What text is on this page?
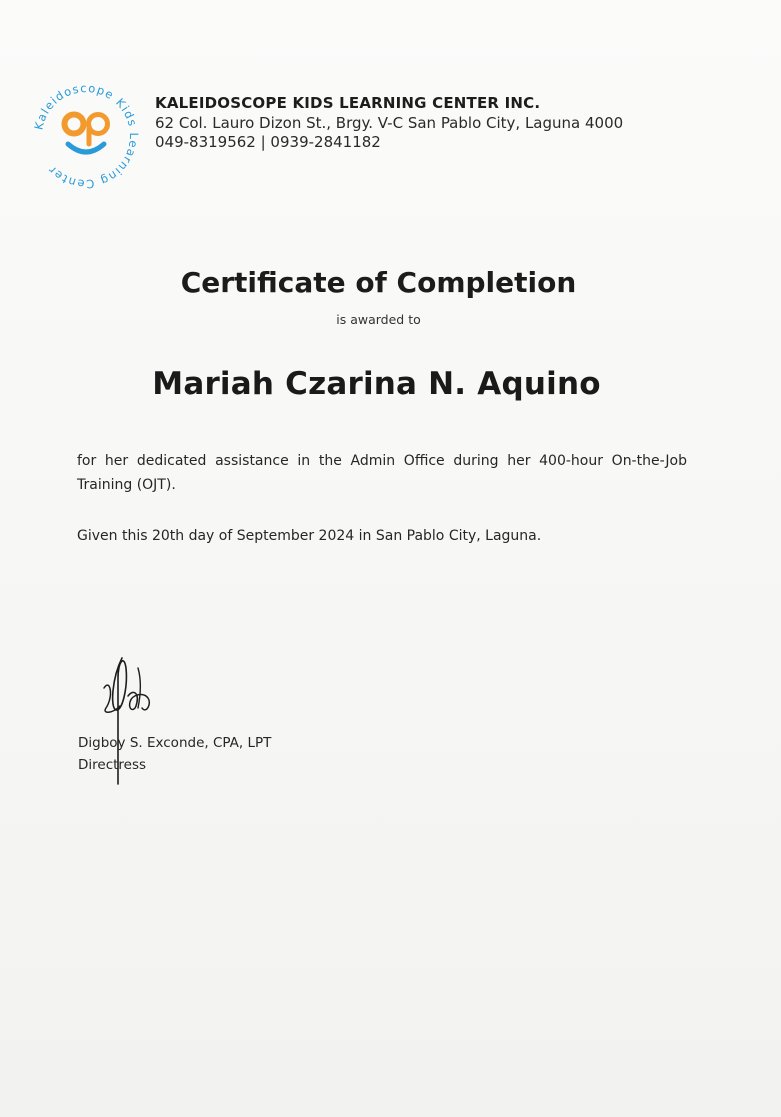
Kaleidoscope Kids Learning Center
KALEIDOSCOPE KIDS LEARNING CENTER INC.
62 Col. Lauro Dizon St., Brgy. V-C San Pablo City, Laguna 4000
049-8319562 | 0939-2841182
Certificate of Completion
is awarded to
Mariah Czarina N. Aquino
for her dedicated assistance in the Admin Office during her 400-hour On-the-Job Training (OJT).
Given this 20th day of September 2024 in San Pablo City, Laguna.
Digboy S. Exconde, CPA, LPT
Directress
